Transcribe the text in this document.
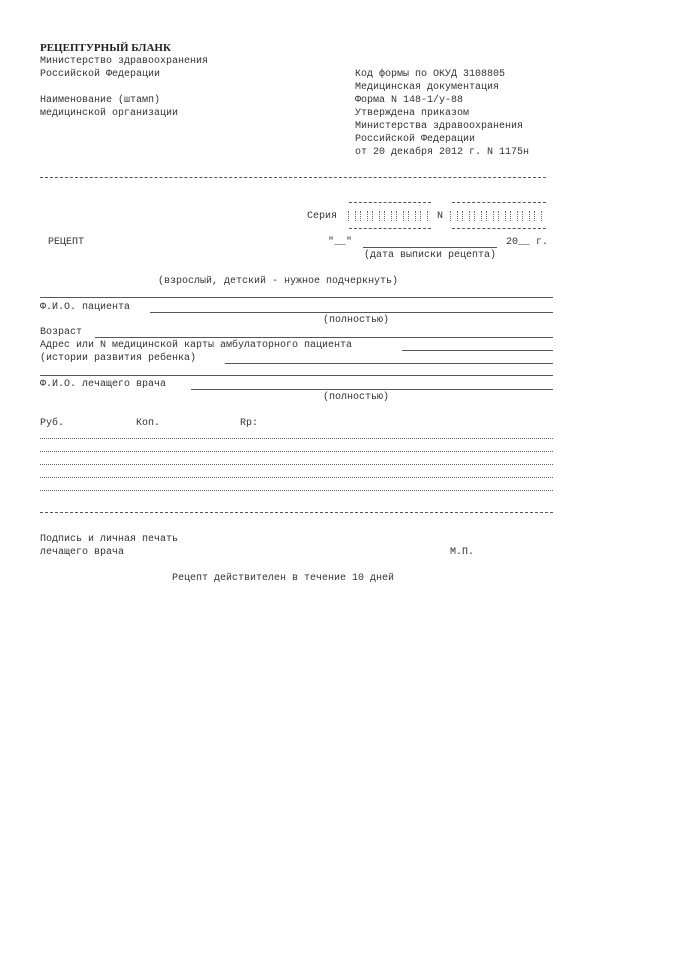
РЕЦЕПТУРНЫЙ БЛАНК
Министерство здравоохранения
Российской Федерации
Наименование (штамп)
медицинской организации
Код формы по ОКУД 3108805
Медицинская документация
Форма N 148-1/у-88
Утверждена приказом
Министерства здравоохранения
Российской Федерации
от 20 декабря 2012 г. N 1175н
Серия	N
РЕЦЕПТ	"__"	20__ г.
(дата выписки рецепта)
(взрослый, детский - нужное подчеркнуть)
Ф.И.О. пациента
(полностью)
Возраст
Адрес или N медицинской карты амбулаторного пациента
(истории развития ребенка)
Ф.И.О. лечащего врача
(полностью)
Руб.	Коп.	Rp:
Подпись и личная печать
лечащего врача	М.П.
Рецепт действителен в течение 10 дней
